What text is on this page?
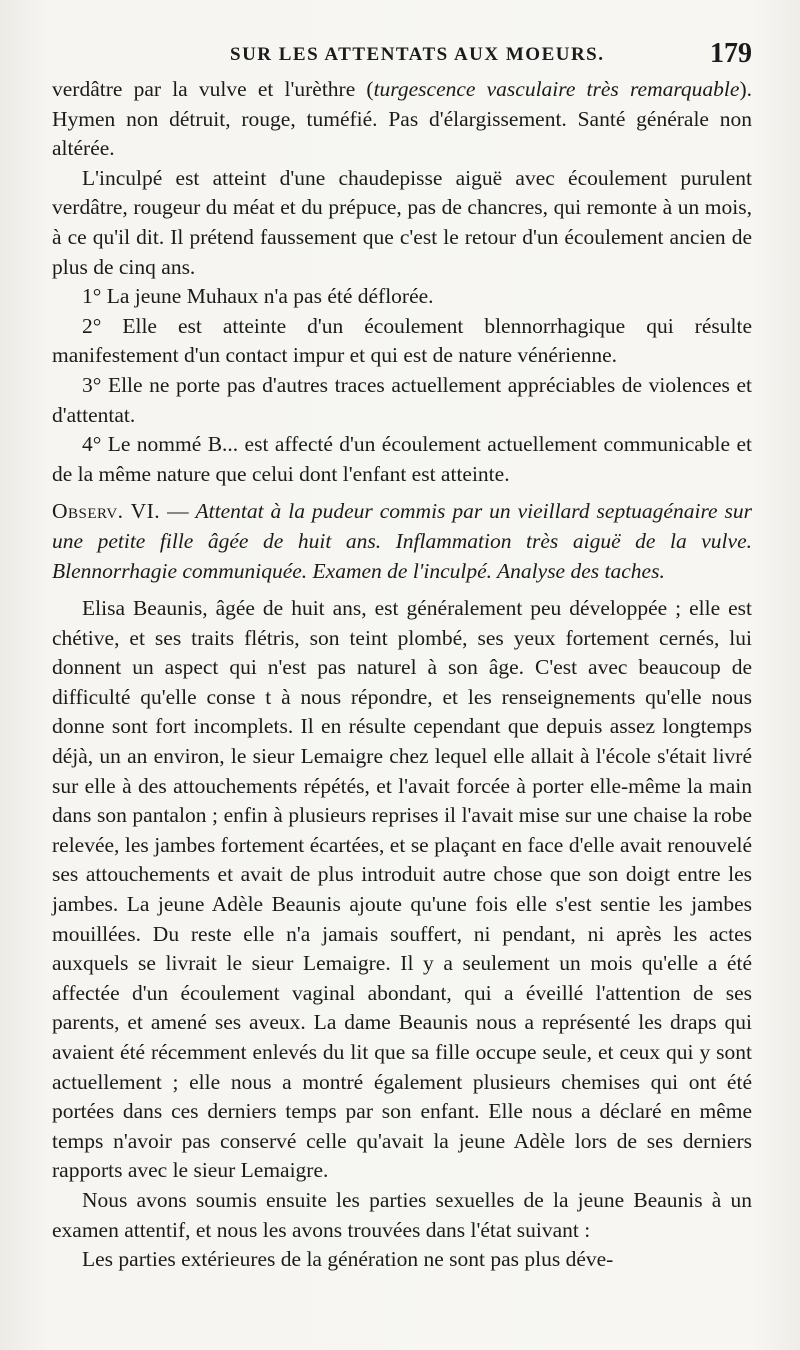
SUR LES ATTENTATS AUX MOEURS.	179

verdâtre par la vulve et l'urèthre (turgescence vasculaire très remarquable). Hymen non détruit, rouge, tuméfié. Pas d'élargissement. Santé générale non altérée.

L'inculpé est atteint d'une chaudepisse aiguë avec écoulement purulent verdâtre, rougeur du méat et du prépuce, pas de chancres, qui remonte à un mois, à ce qu'il dit. Il prétend faussement que c'est le retour d'un écoulement ancien de plus de cinq ans.

1° La jeune Muhaux n'a pas été déflorée.

2° Elle est atteinte d'un écoulement blennorrhagique qui résulte manifestement d'un contact impur et qui est de nature vénérienne.

3° Elle ne porte pas d'autres traces actuellement appréciables de violences et d'attentat.

4° Le nommé B... est affecté d'un écoulement actuellement communicable et de la même nature que celui dont l'enfant est atteinte.

Observ. VI. — Attentat à la pudeur commis par un vieillard septuagénaire sur une petite fille âgée de huit ans. Inflammation très aiguë de la vulve. Blennorrhagie communiquée. Examen de l'inculpé. Analyse des taches.

Elisa Beaunis, âgée de huit ans, est généralement peu développée ; elle est chétive, et ses traits flétris, son teint plombé, ses yeux fortement cernés, lui donnent un aspect qui n'est pas naturel à son âge. C'est avec beaucoup de difficulté qu'elle conse t à nous répondre, et les renseignements qu'elle nous donne sont fort incomplets. Il en résulte cependant que depuis assez longtemps déjà, un an environ, le sieur Lemaigre chez lequel elle allait à l'école s'était livré sur elle à des attouchements répétés, et l'avait forcée à porter elle-même la main dans son pantalon ; enfin à plusieurs reprises il l'avait mise sur une chaise la robe relevée, les jambes fortement écartées, et se plaçant en face d'elle avait renouvelé ses attouchements et avait de plus introduit autre chose que son doigt entre les jambes. La jeune Adèle Beaunis ajoute qu'une fois elle s'est sentie les jambes mouillées. Du reste elle n'a jamais souffert, ni pendant, ni après les actes auxquels se livrait le sieur Lemaigre. Il y a seulement un mois qu'elle a été affectée d'un écoulement vaginal abondant, qui a éveillé l'attention de ses parents, et amené ses aveux. La dame Beaunis nous a représenté les draps qui avaient été récemment enlevés du lit que sa fille occupe seule, et ceux qui y sont actuellement ; elle nous a montré également plusieurs chemises qui ont été portées dans ces derniers temps par son enfant. Elle nous a déclaré en même temps n'avoir pas conservé celle qu'avait la jeune Adèle lors de ses derniers rapports avec le sieur Lemaigre.

Nous avons soumis ensuite les parties sexuelles de la jeune Beaunis à un examen attentif, et nous les avons trouvées dans l'état suivant :

Les parties extérieures de la génération ne sont pas plus déve-
